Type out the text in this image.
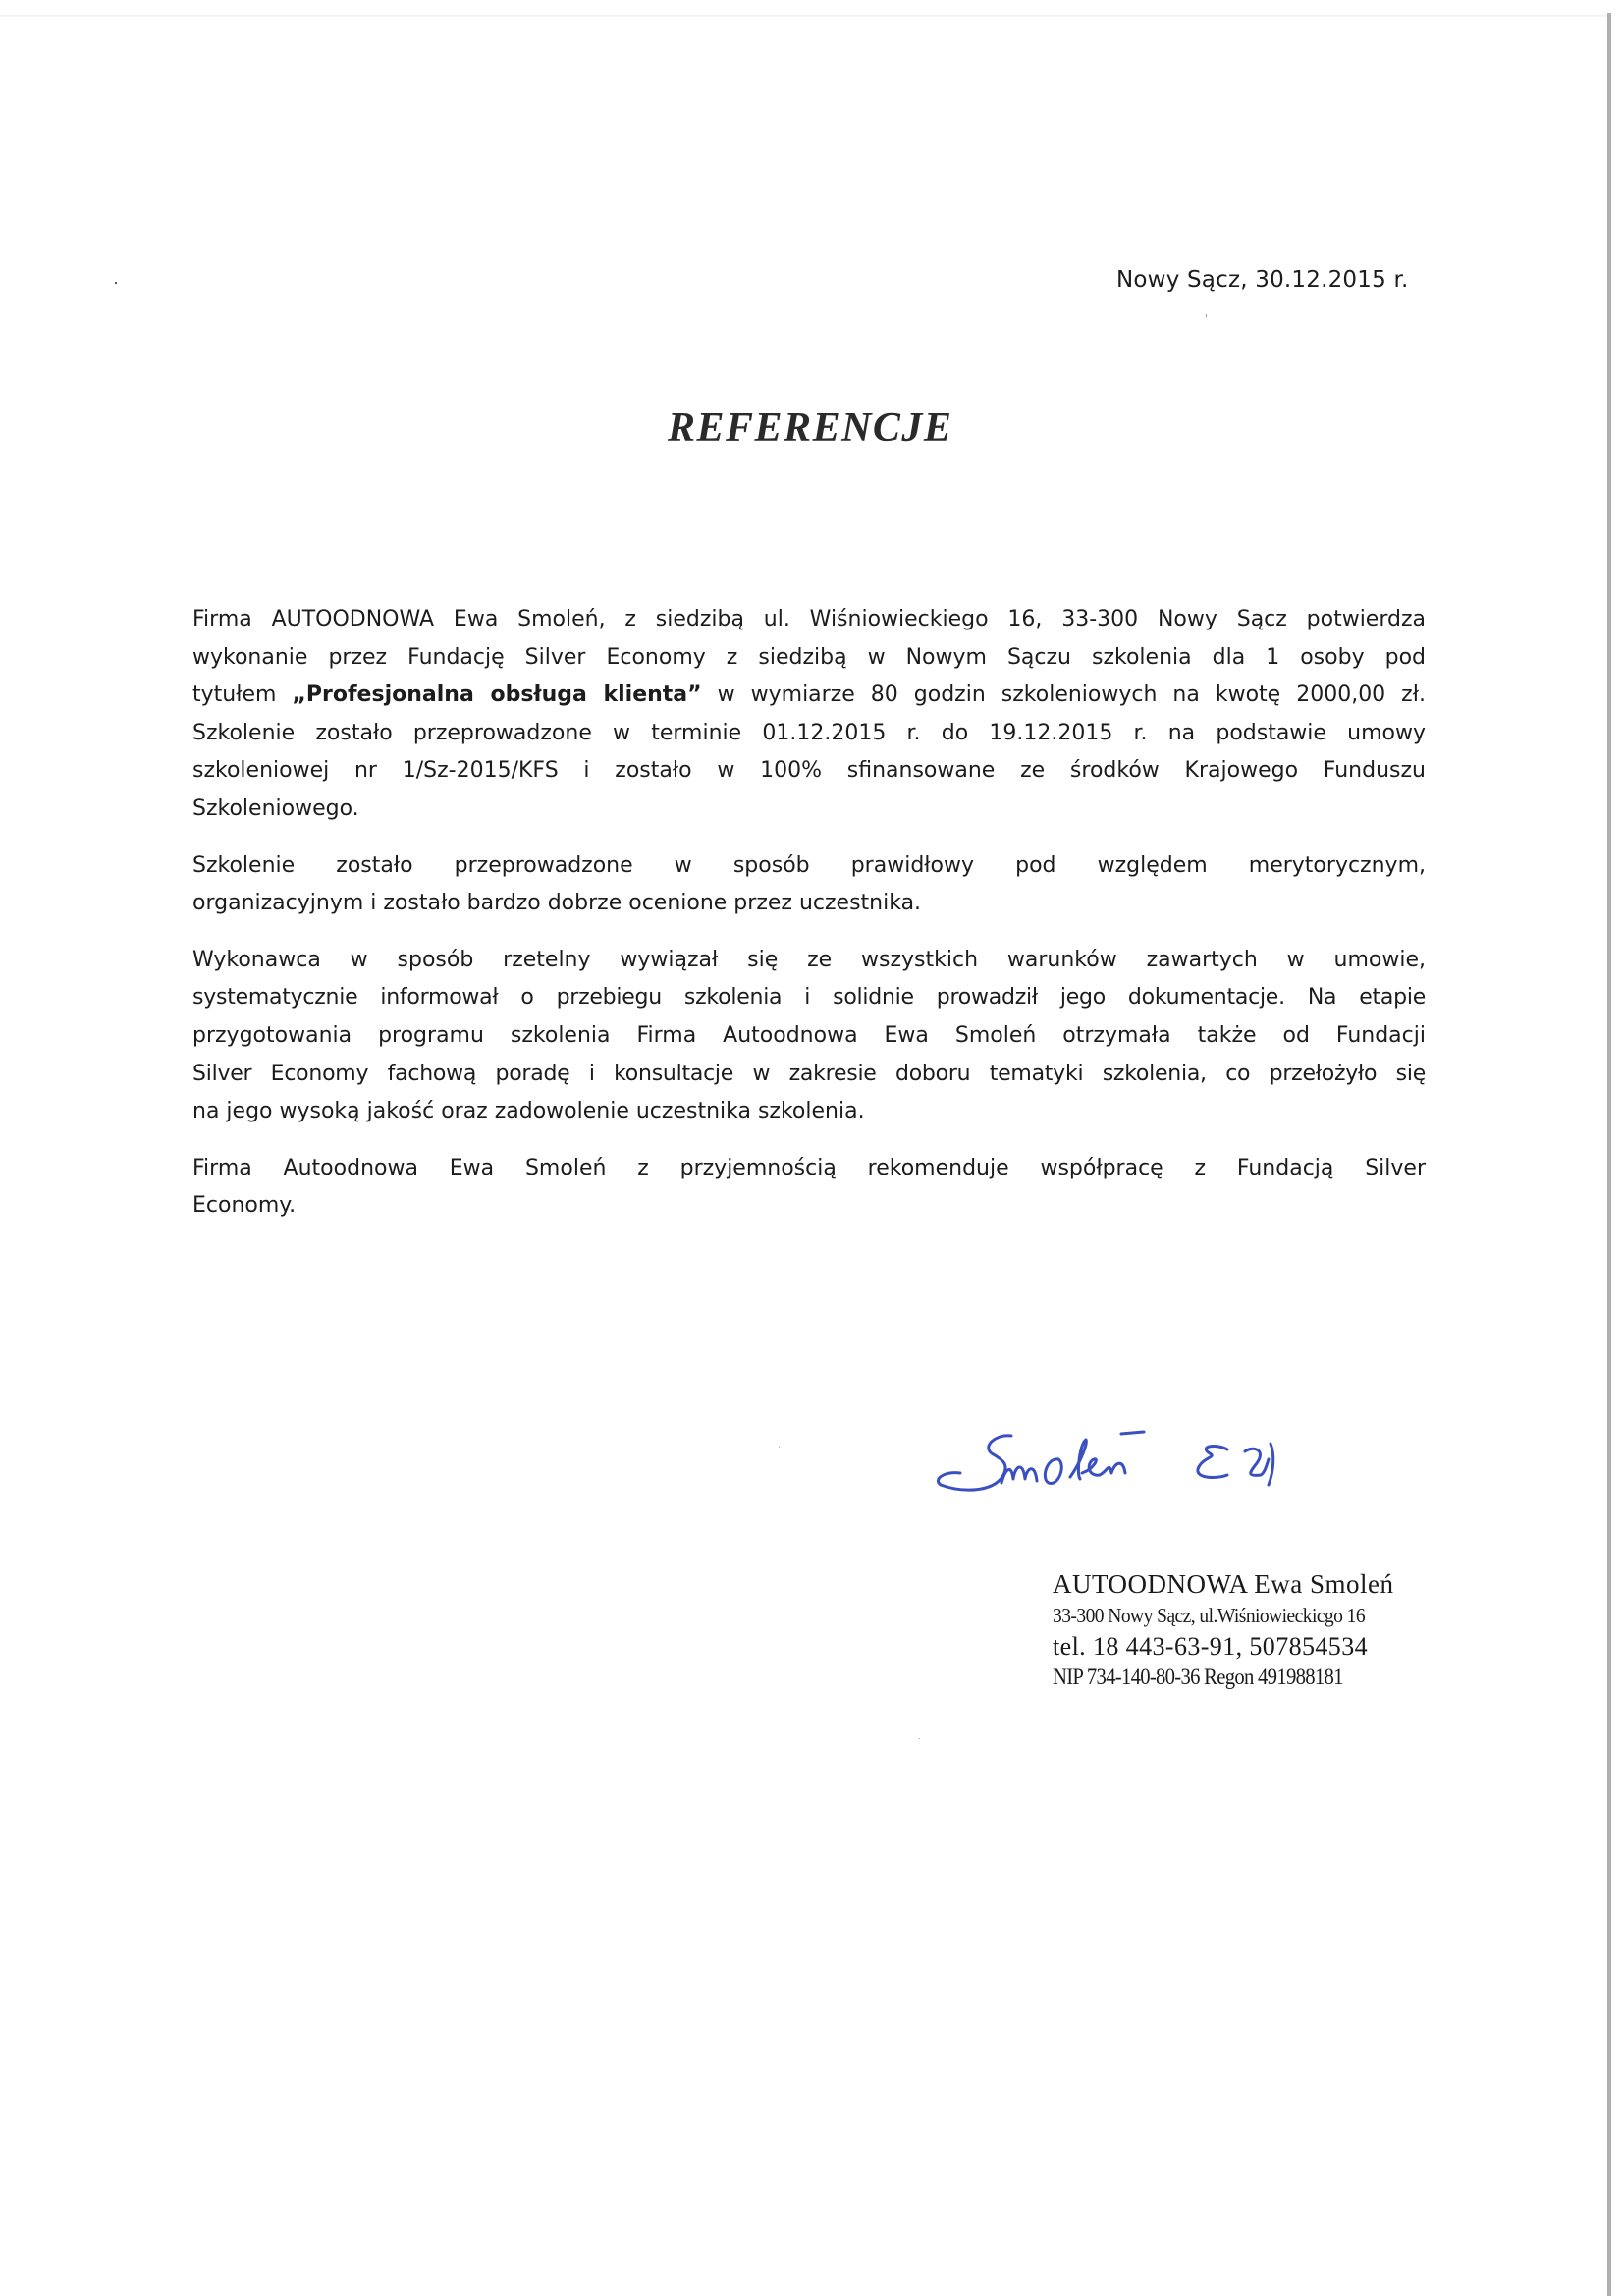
Nowy Sącz, 30.12.2015 r.
REFERENCJE

Firma AUTOODNOWA Ewa Smoleń, z siedzibą ul. Wiśniowieckiego 16, 33-300 Nowy Sącz potwierdza
wykonanie przez Fundację Silver Economy z siedzibą w Nowym Sączu szkolenia dla 1 osoby pod
tytułem „Profesjonalna obsługa klienta” w wymiarze 80 godzin szkoleniowych na kwotę 2000,00 zł.
Szkolenie zostało przeprowadzone w terminie 01.12.2015 r. do 19.12.2015 r. na podstawie umowy
szkoleniowej nr 1/Sz-2015/KFS i zostało w 100% sfinansowane ze środków Krajowego Funduszu
Szkoleniowego.

Szkolenie zostało przeprowadzone w sposób prawidłowy pod względem merytorycznym,
organizacyjnym i zostało bardzo dobrze ocenione przez uczestnika.

Wykonawca w sposób rzetelny wywiązał się ze wszystkich warunków zawartych w umowie,
systematycznie informował o przebiegu szkolenia i solidnie prowadził jego dokumentacje. Na etapie
przygotowania programu szkolenia Firma Autoodnowa Ewa Smoleń otrzymała także od Fundacji
Silver Economy fachową poradę i konsultacje w zakresie doboru tematyki szkolenia, co przełożyło się
na jego wysoką jakość oraz zadowolenie uczestnika szkolenia.

Firma Autoodnowa Ewa Smoleń z przyjemnością rekomenduje współpracę z Fundacją Silver
Economy.

AUTOODNOWA Ewa Smoleń
33-300 Nowy Sącz, ul.Wiśniowieckicgo 16
tel. 18 443-63-91, 507854534
NIP 734-140-80-36 Regon 491988181
